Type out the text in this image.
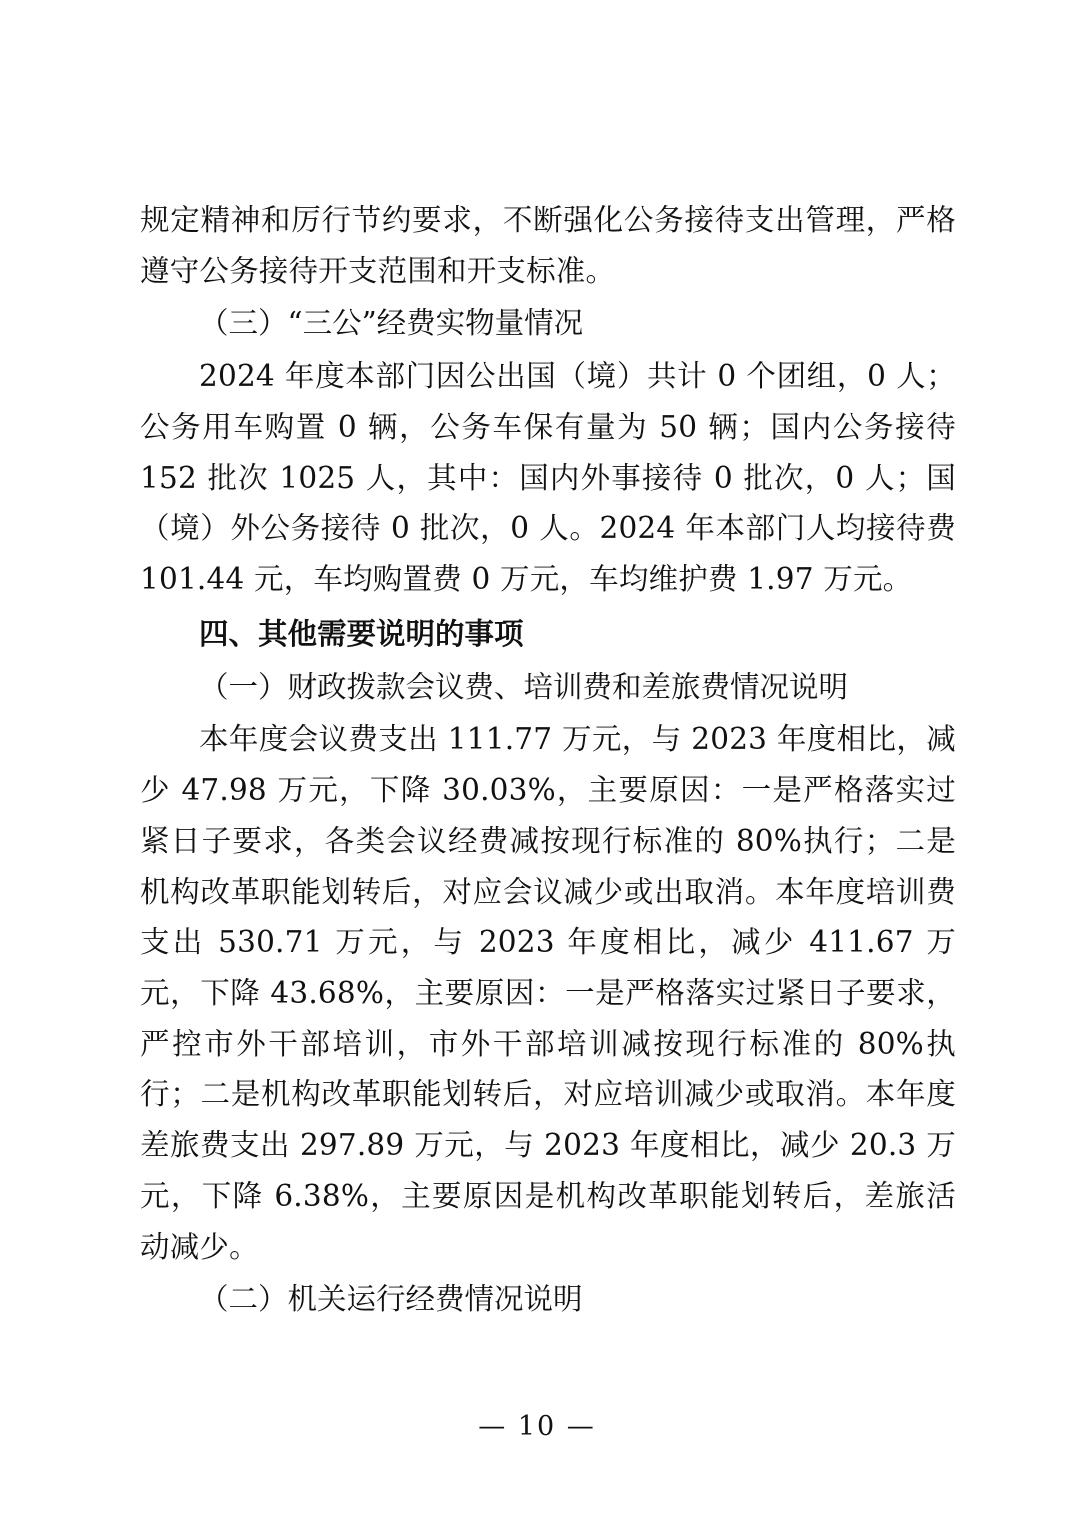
规定精神和厉行节约要求，不断强化公务接待支出管理，严格遵守公务接待开支范围和开支标准。

（三）“三公”经费实物量情况

2024 年度本部门因公出国（境）共计 0 个团组，0 人；公务用车购置 0 辆，公务车保有量为 50 辆；国内公务接待 152 批次 1025 人，其中：国内外事接待 0 批次，0 人；国（境）外公务接待 0 批次，0 人。2024 年本部门人均接待费 101.44 元，车均购置费 0 万元，车均维护费 1.97 万元。

四、其他需要说明的事项

（一）财政拨款会议费、培训费和差旅费情况说明

本年度会议费支出 111.77 万元，与 2023 年度相比，减少 47.98 万元，下降 30.03%，主要原因：一是严格落实过紧日子要求，各类会议经费减按现行标准的 80%执行；二是机构改革职能划转后，对应会议减少或出取消。本年度培训费支出 530.71 万元，与 2023 年度相比，减少 411.67 万元，下降 43.68%，主要原因：一是严格落实过紧日子要求，严控市外干部培训，市外干部培训减按现行标准的 80%执行；二是机构改革职能划转后，对应培训减少或取消。本年度差旅费支出 297.89 万元，与 2023 年度相比，减少 20.3 万元，下降 6.38%，主要原因是机构改革职能划转后，差旅活动减少。

（二）机关运行经费情况说明

— 10 —
